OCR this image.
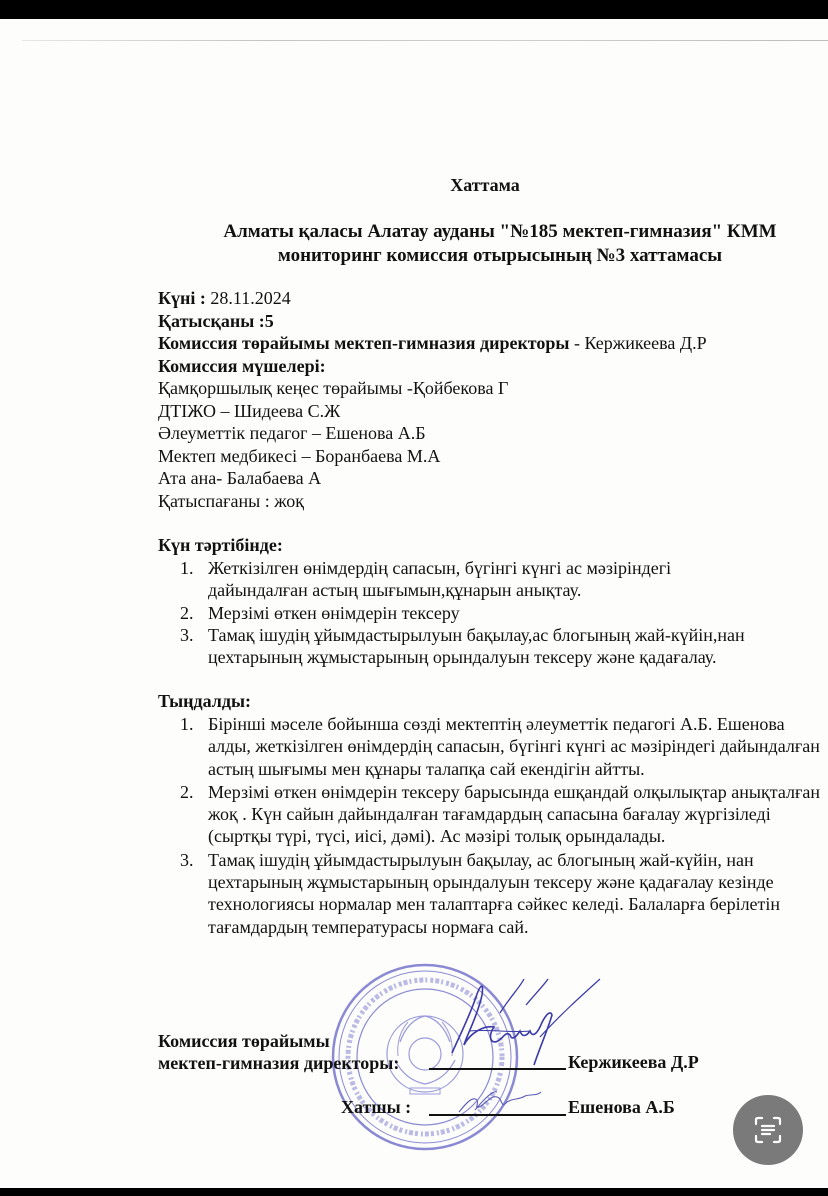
Хаттама
Алматы қаласы Алатау ауданы "№185 мектеп-гимназия" КММ
мониторинг комиссия отырысының №3 хаттамасы
Күні : 28.11.2024
Қатысқаны :5
Комиссия төрайымы мектеп-гимназия директоры - Кержикеева Д.Р
Комиссия мүшелері:
Қамқоршылық кеңес төрайымы -Қойбекова Г
ДТІЖО – Шидеева С.Ж
Әлеуметтік педагог – Ешенова А.Б
Мектеп медбикесі – Боранбаева М.А
Ата ана- Балабаева А
Қатыспағаны : жоқ
Күн тәртібінде:
1. Жеткізілген өнімдердің сапасын, бүгінгі күнгі ас мәзіріндегі дайындалған астың шығымын,құнарын анықтау.
2. Мерзімі өткен өнімдерін тексеру
3. Тамақ ішудің ұйымдастырылуын бақылау,ас блогының жай-күйін,нан цехтарының жұмыстарының орындалуын тексеру және қадағалау.
Тыңдалды:
1. Бірінші мәселе бойынша сөзді мектептің әлеуметтік педагогі А.Б. Ешенова алды, жеткізілген өнімдердің сапасын, бүгінгі күнгі ас мәзіріндегі дайындалған астың шығымы мен құнары талапқа сай екендігін айтты.
2. Мерзімі өткен өнімдерін тексеру барысында ешқандай олқылықтар анықталған жоқ . Күн сайын дайындалған тағамдардың сапасына бағалау жүргізіледі (сыртқы түрі, түсі, иісі, дәмі). Ас мәзірі толық орындалады.
3. Тамақ ішудің ұйымдастырылуын бақылау, ас блогының жай-күйін, нан цехтарының жұмыстарының орындалуын тексеру және қадағалау кезінде технологиясы нормалар мен талаптарға сәйкес келеді. Балаларға берілетін тағамдардың температурасы нормаға сай.
Комиссия төрайымы
мектеп-гимназия директоры:	Кержикеева Д.Р
Хатшы :	Ешенова А.Б
